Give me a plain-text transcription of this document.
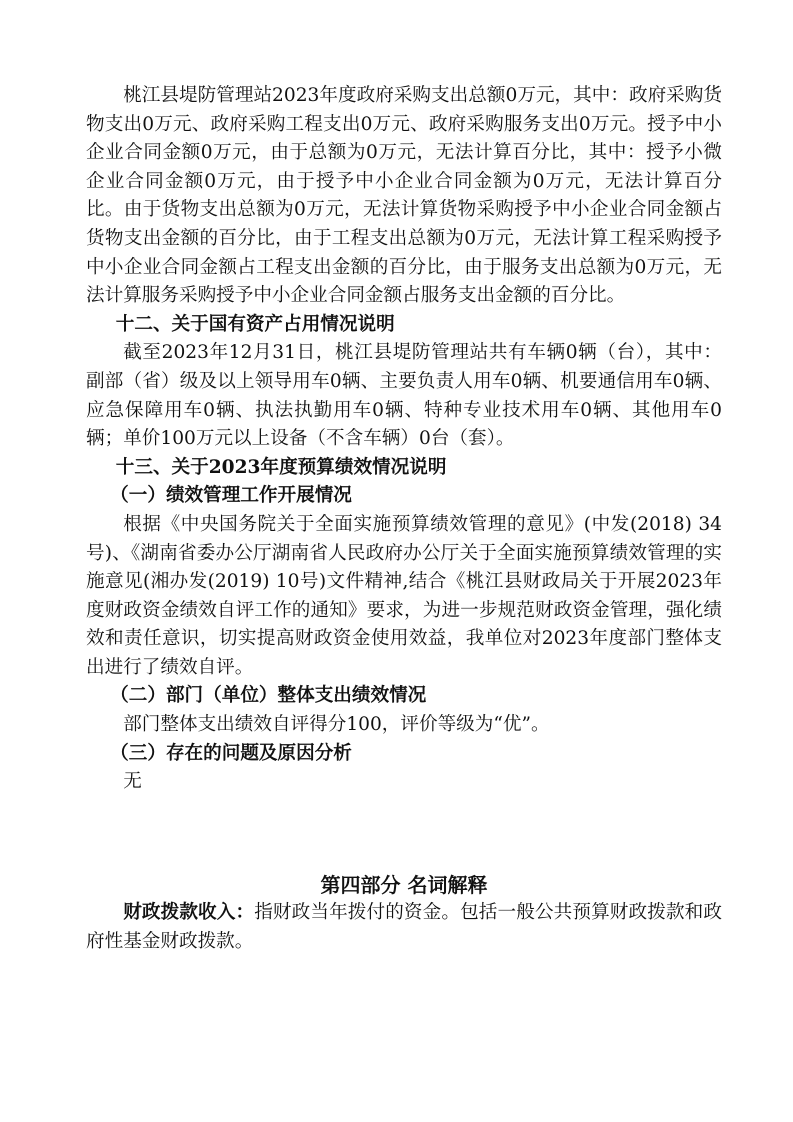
桃江县堤防管理站2023年度政府采购支出总额0万元，其中：政府采购货物支出0万元、政府采购工程支出0万元、政府采购服务支出0万元。授予中小企业合同金额0万元，由于总额为0万元，无法计算百分比，其中：授予小微企业合同金额0万元，由于授予中小企业合同金额为0万元，无法计算百分比。由于货物支出总额为0万元，无法计算货物采购授予中小企业合同金额占货物支出金额的百分比，由于工程支出总额为0万元，无法计算工程采购授予中小企业合同金额占工程支出金额的百分比，由于服务支出总额为0万元，无法计算服务采购授予中小企业合同金额占服务支出金额的百分比。

十二、关于国有资产占用情况说明

截至2023年12月31日，桃江县堤防管理站共有车辆0辆（台），其中：副部（省）级及以上领导用车0辆、主要负责人用车0辆、机要通信用车0辆、应急保障用车0辆、执法执勤用车0辆、特种专业技术用车0辆、其他用车0辆；单价100万元以上设备（不含车辆）0台（套）。

十三、关于2023年度预算绩效情况说明

（一）绩效管理工作开展情况

根据《中央国务院关于全面实施预算绩效管理的意见》(中发(2018) 34 号)、《湖南省委办公厅湖南省人民政府办公厅关于全面实施预算绩效管理的实施意见(湘办发(2019) 10号)文件精神,结合《桃江县财政局关于开展2023年度财政资金绩效自评工作的通知》要求，为进一步规范财政资金管理，强化绩效和责任意识，切实提高财政资金使用效益，我单位对2023年度部门整体支出进行了绩效自评。

（二）部门（单位）整体支出绩效情况

部门整体支出绩效自评得分100，评价等级为“优”。

（三）存在的问题及原因分析

无

第四部分 名词解释

财政拨款收入：指财政当年拨付的资金。包括一般公共预算财政拨款和政府性基金财政拨款。
